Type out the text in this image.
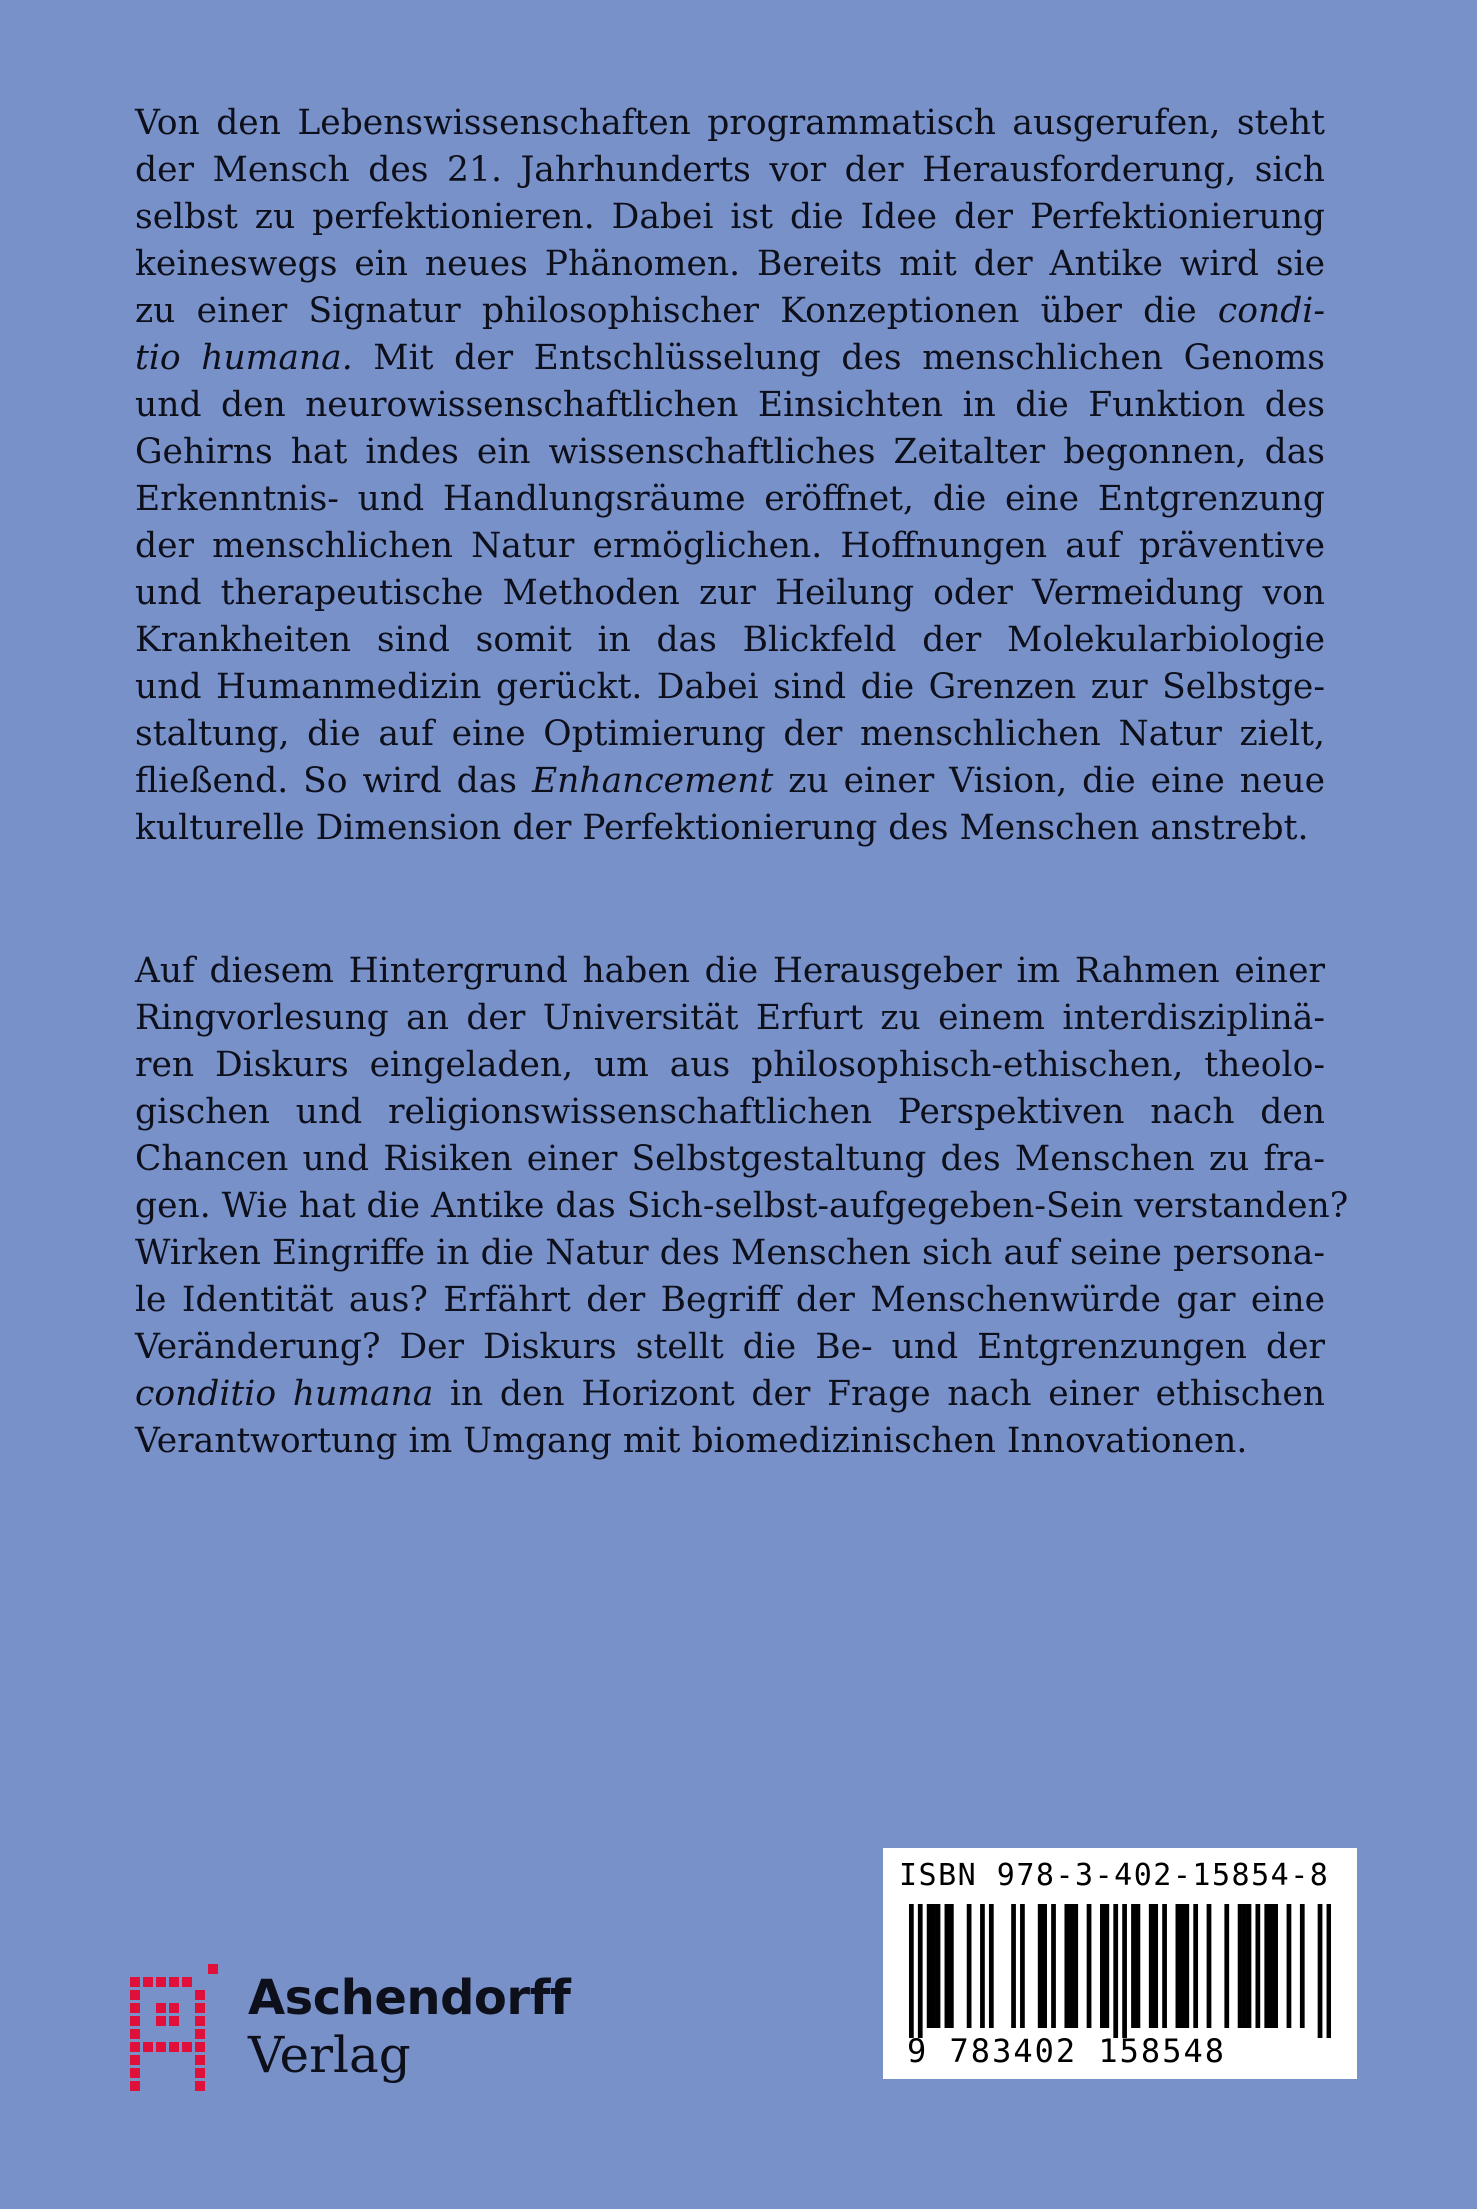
Von den Lebenswissenschaften programmatisch ausgerufen, steht
der Mensch des 21. Jahrhunderts vor der Herausforderung, sich
selbst zu perfektionieren. Dabei ist die Idee der Perfektionierung
keineswegs ein neues Phänomen. Bereits mit der Antike wird sie
zu einer Signatur philosophischer Konzeptionen über die condi-
tio humana. Mit der Entschlüsselung des menschlichen Genoms
und den neurowissenschaftlichen Einsichten in die Funktion des
Gehirns hat indes ein wissenschaftliches Zeitalter begonnen, das
Erkenntnis- und Handlungsräume eröffnet, die eine Entgrenzung
der menschlichen Natur ermöglichen. Hoffnungen auf präventive
und therapeutische Methoden zur Heilung oder Vermeidung von
Krankheiten sind somit in das Blickfeld der Molekularbiologie
und Humanmedizin gerückt. Dabei sind die Grenzen zur Selbstge-
staltung, die auf eine Optimierung der menschlichen Natur zielt,
fließend. So wird das Enhancement zu einer Vision, die eine neue
kulturelle Dimension der Perfektionierung des Menschen anstrebt.
Auf diesem Hintergrund haben die Herausgeber im Rahmen einer
Ringvorlesung an der Universität Erfurt zu einem interdisziplinä-
ren Diskurs eingeladen, um aus philosophisch-ethischen, theolo-
gischen und religionswissenschaftlichen Perspektiven nach den
Chancen und Risiken einer Selbstgestaltung des Menschen zu fra-
gen. Wie hat die Antike das Sich-selbst-aufgegeben-Sein verstanden?
Wirken Eingriffe in die Natur des Menschen sich auf seine persona-
le Identität aus? Erfährt der Begriff der Menschenwürde gar eine
Veränderung? Der Diskurs stellt die Be- und Entgrenzungen der
conditio humana in den Horizont der Frage nach einer ethischen
Verantwortung im Umgang mit biomedizinischen Innovationen.
ISBN 978-3-402-15854-8
9 783402 158548
Aschendorff
Verlag
